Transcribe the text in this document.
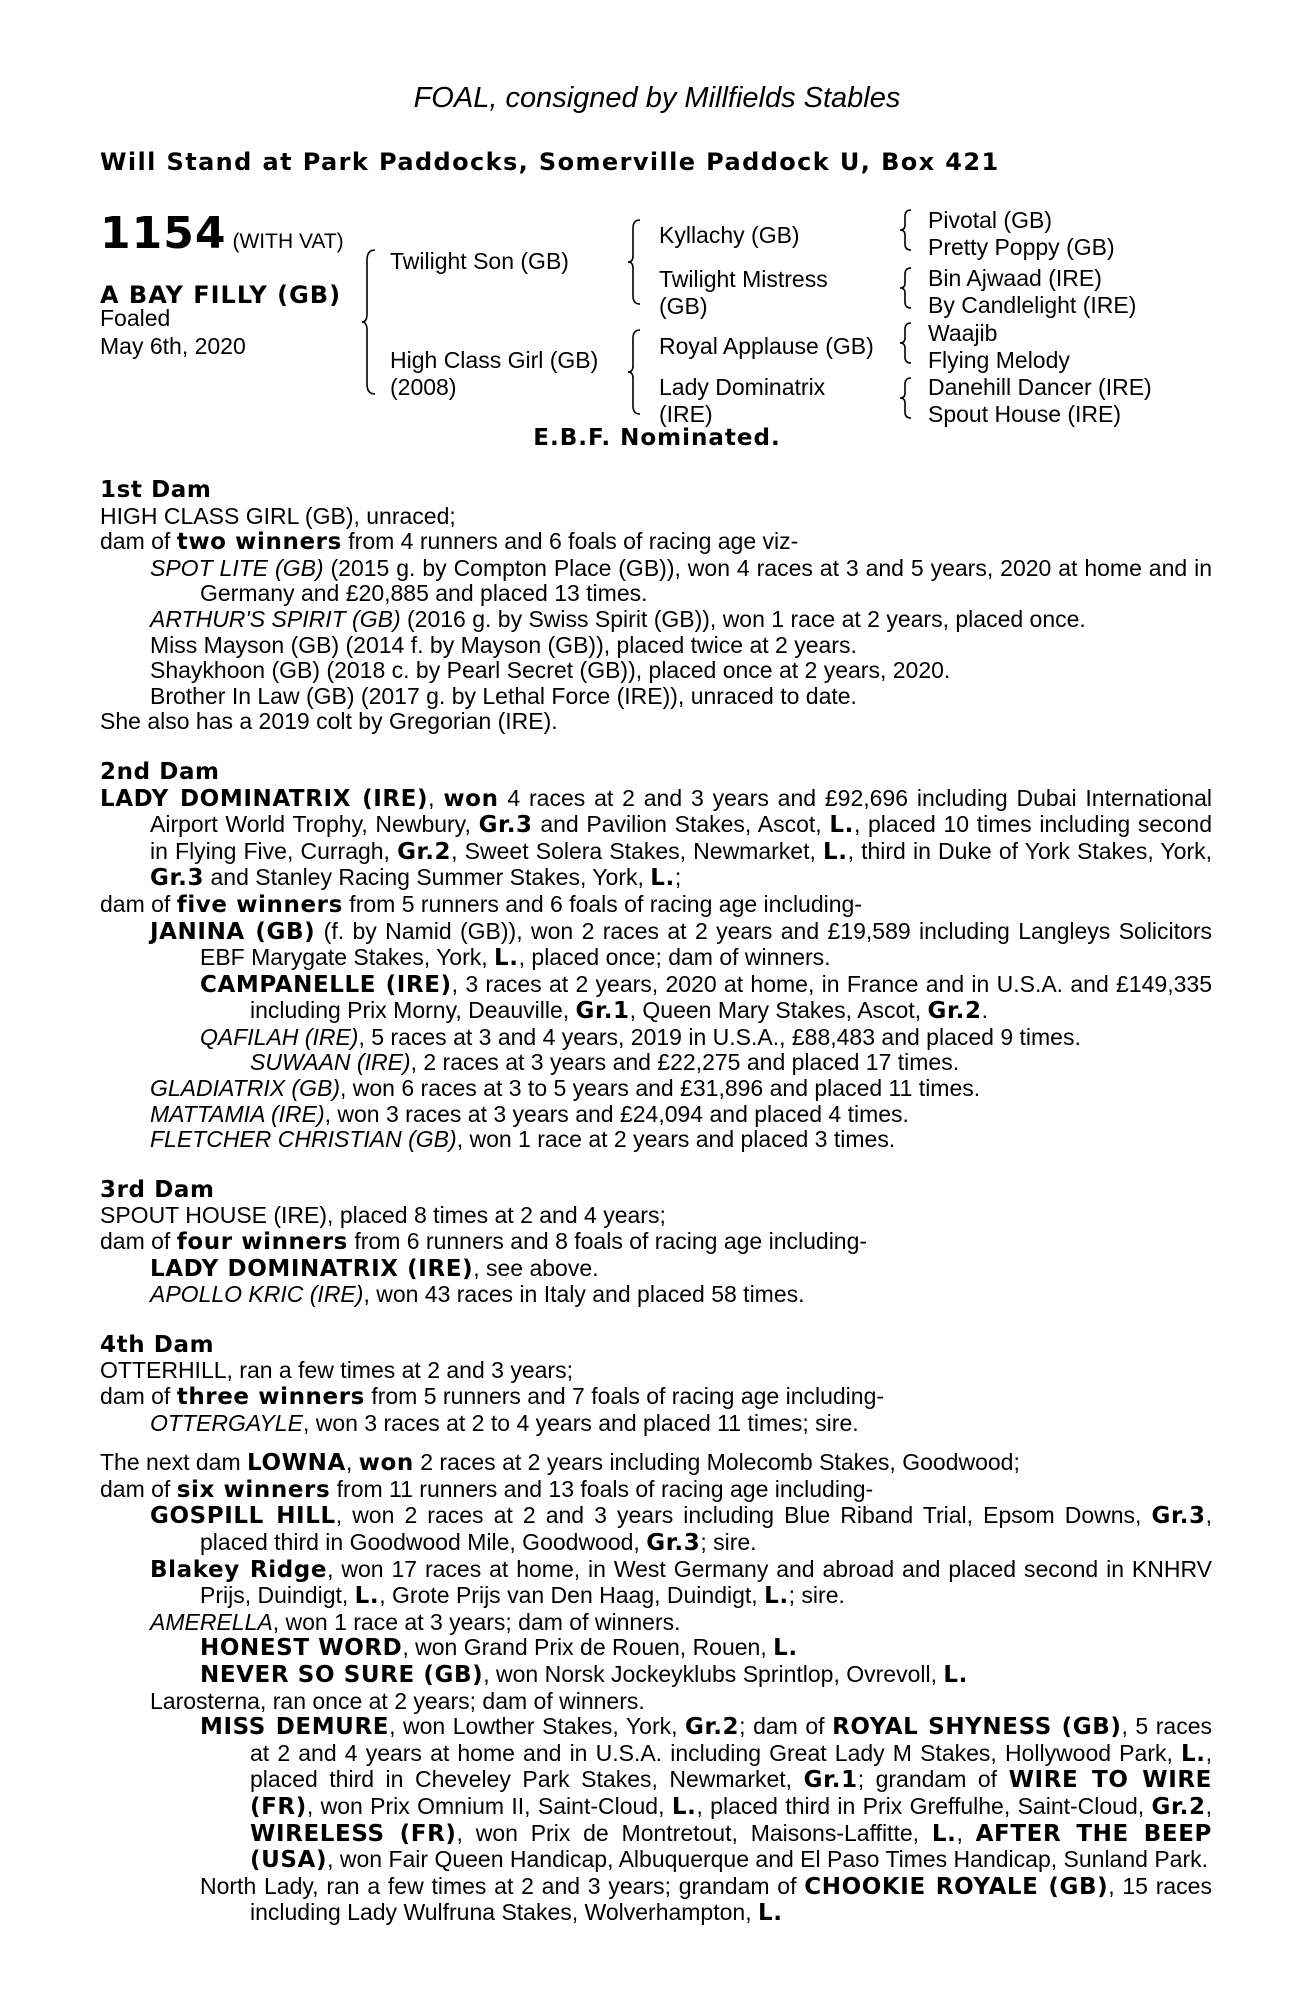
FOAL, consigned by Millfields Stables
Will Stand at Park Paddocks, Somerville Paddock U, Box 421
1154 (WITH VAT)
A BAY FILLY (GB)
Foaled
May 6th, 2020
Twilight Son (GB)
High Class Girl (GB)
(2008)
Kyllachy (GB)
Twilight Mistress
(GB)
Royal Applause (GB)
Lady Dominatrix
(IRE)
Pivotal (GB)
Pretty Poppy (GB)
Bin Ajwaad (IRE)
By Candlelight (IRE)
Waajib
Flying Melody
Danehill Dancer (IRE)
Spout House (IRE)
E.B.F. Nominated.
1st Dam
HIGH CLASS GIRL (GB), unraced;
dam of two winners from 4 runners and 6 foals of racing age viz-
SPOT LITE (GB) (2015 g. by Compton Place (GB)), won 4 races at 3 and 5 years, 2020 at home and in Germany and £20,885 and placed 13 times.
ARTHUR'S SPIRIT (GB) (2016 g. by Swiss Spirit (GB)), won 1 race at 2 years, placed once.
Miss Mayson (GB) (2014 f. by Mayson (GB)), placed twice at 2 years.
Shaykhoon (GB) (2018 c. by Pearl Secret (GB)), placed once at 2 years, 2020.
Brother In Law (GB) (2017 g. by Lethal Force (IRE)), unraced to date.
She also has a 2019 colt by Gregorian (IRE).
2nd Dam
LADY DOMINATRIX (IRE), won 4 races at 2 and 3 years and £92,696 including Dubai International Airport World Trophy, Newbury, Gr.3 and Pavilion Stakes, Ascot, L., placed 10 times including second in Flying Five, Curragh, Gr.2, Sweet Solera Stakes, Newmarket, L., third in Duke of York Stakes, York, Gr.3 and Stanley Racing Summer Stakes, York, L.;
dam of five winners from 5 runners and 6 foals of racing age including-
JANINA (GB) (f. by Namid (GB)), won 2 races at 2 years and £19,589 including Langleys Solicitors EBF Marygate Stakes, York, L., placed once; dam of winners.
CAMPANELLE (IRE), 3 races at 2 years, 2020 at home, in France and in U.S.A. and £149,335 including Prix Morny, Deauville, Gr.1, Queen Mary Stakes, Ascot, Gr.2.
QAFILAH (IRE), 5 races at 3 and 4 years, 2019 in U.S.A., £88,483 and placed 9 times.
SUWAAN (IRE), 2 races at 3 years and £22,275 and placed 17 times.
GLADIATRIX (GB), won 6 races at 3 to 5 years and £31,896 and placed 11 times.
MATTAMIA (IRE), won 3 races at 3 years and £24,094 and placed 4 times.
FLETCHER CHRISTIAN (GB), won 1 race at 2 years and placed 3 times.
3rd Dam
SPOUT HOUSE (IRE), placed 8 times at 2 and 4 years;
dam of four winners from 6 runners and 8 foals of racing age including-
LADY DOMINATRIX (IRE), see above.
APOLLO KRIC (IRE), won 43 races in Italy and placed 58 times.
4th Dam
OTTERHILL, ran a few times at 2 and 3 years;
dam of three winners from 5 runners and 7 foals of racing age including-
OTTERGAYLE, won 3 races at 2 to 4 years and placed 11 times; sire.
The next dam LOWNA, won 2 races at 2 years including Molecomb Stakes, Goodwood;
dam of six winners from 11 runners and 13 foals of racing age including-
GOSPILL HILL, won 2 races at 2 and 3 years including Blue Riband Trial, Epsom Downs, Gr.3, placed third in Goodwood Mile, Goodwood, Gr.3; sire.
Blakey Ridge, won 17 races at home, in West Germany and abroad and placed second in KNHRV Prijs, Duindigt, L., Grote Prijs van Den Haag, Duindigt, L.; sire.
AMERELLA, won 1 race at 3 years; dam of winners.
HONEST WORD, won Grand Prix de Rouen, Rouen, L.
NEVER SO SURE (GB), won Norsk Jockeyklubs Sprintlop, Ovrevoll, L.
Larosterna, ran once at 2 years; dam of winners.
MISS DEMURE, won Lowther Stakes, York, Gr.2; dam of ROYAL SHYNESS (GB), 5 races at 2 and 4 years at home and in U.S.A. including Great Lady M Stakes, Hollywood Park, L., placed third in Cheveley Park Stakes, Newmarket, Gr.1; grandam of WIRE TO WIRE (FR), won Prix Omnium II, Saint-Cloud, L., placed third in Prix Greffulhe, Saint-Cloud, Gr.2, WIRELESS (FR), won Prix de Montretout, Maisons-Laffitte, L., AFTER THE BEEP (USA), won Fair Queen Handicap, Albuquerque and El Paso Times Handicap, Sunland Park.
North Lady, ran a few times at 2 and 3 years; grandam of CHOOKIE ROYALE (GB), 15 races including Lady Wulfruna Stakes, Wolverhampton, L.
